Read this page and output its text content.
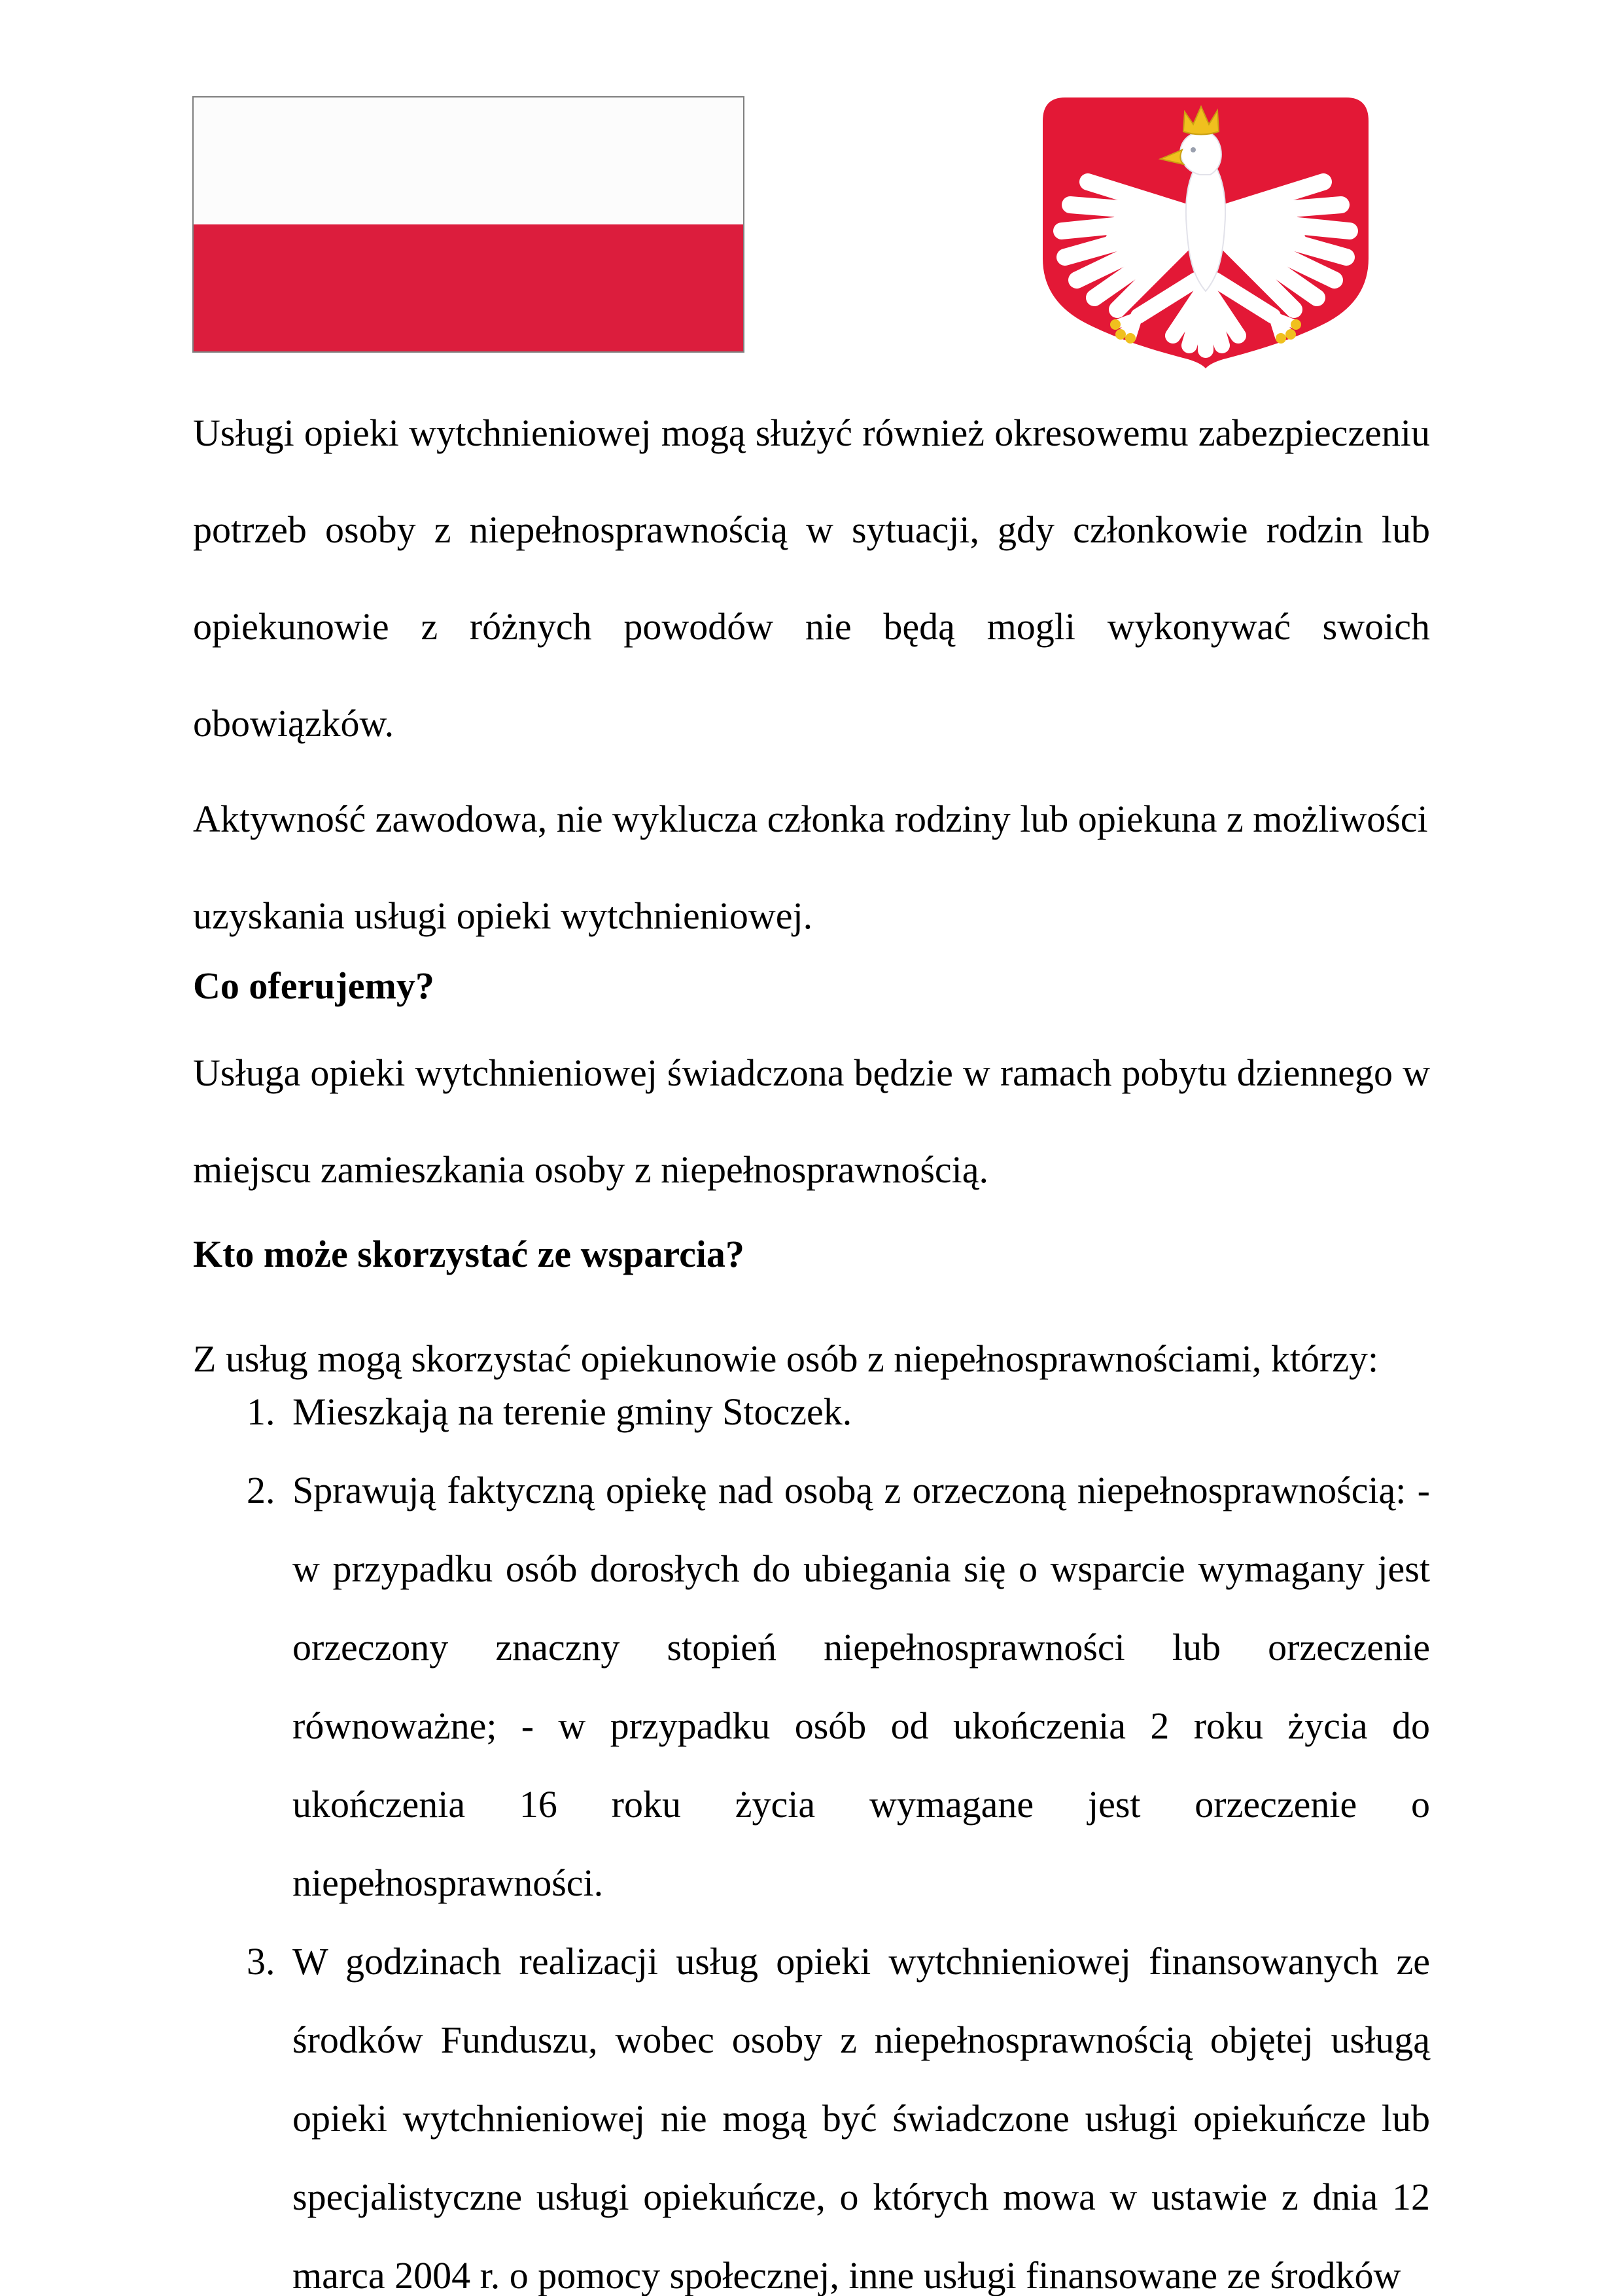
Usługi opieki wytchnieniowej mogą służyć również okresowemu zabezpieczeniu potrzeb osoby z niepełnosprawnością w sytuacji, gdy członkowie rodzin lub opiekunowie z różnych powodów nie będą mogli wykonywać swoich obowiązków.

Aktywność zawodowa, nie wyklucza członka rodziny lub opiekuna z możliwości uzyskania usługi opieki wytchnieniowej.

Co oferujemy?

Usługa opieki wytchnieniowej świadczona będzie w ramach pobytu dziennego w miejscu zamieszkania osoby z niepełnosprawnością.

Kto może skorzystać ze wsparcia?

Z usług mogą skorzystać opiekunowie osób z niepełnosprawnościami, którzy:

1. Mieszkają na terenie gminy Stoczek.
2. Sprawują faktyczną opiekę nad osobą z orzeczoną niepełnosprawnością: - w przypadku osób dorosłych do ubiegania się o wsparcie wymagany jest orzeczony znaczny stopień niepełnosprawności lub orzeczenie równoważne; - w przypadku osób od ukończenia 2 roku życia do ukończenia 16 roku życia wymagane jest orzeczenie o niepełnosprawności.
3. W godzinach realizacji usług opieki wytchnieniowej finansowanych ze środków Funduszu, wobec osoby z niepełnosprawnością objętej usługą opieki wytchnieniowej nie mogą być świadczone usługi opiekuńcze lub specjalistyczne usługi opiekuńcze, o których mowa w ustawie z dnia 12 marca 2004 r. o pomocy społecznej, inne usługi finansowane ze środków
